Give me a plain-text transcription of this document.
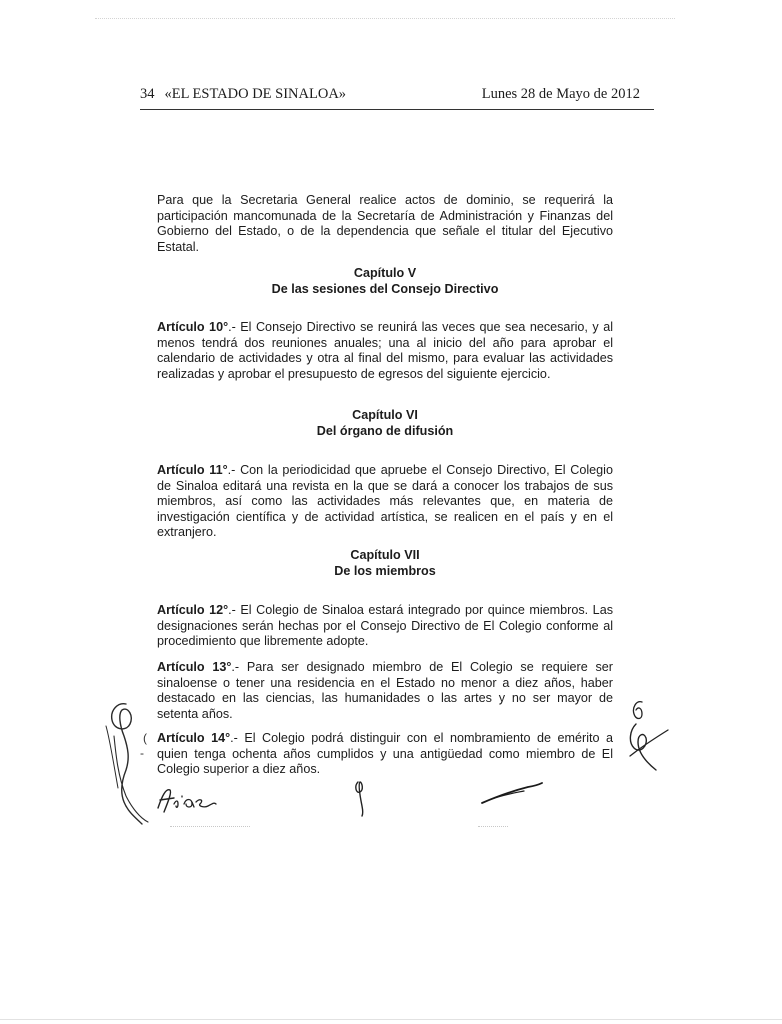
34 «EL ESTADO DE SINALOA»	Lunes 28 de Mayo de 2012

Para que la Secretaria General realice actos de dominio, se requerirá la participación mancomunada de la Secretaría de Administración y Finanzas del Gobierno del Estado, o de la dependencia que señale el titular del Ejecutivo Estatal.

Capítulo V
De las sesiones del Consejo Directivo

Artículo 10°.- El Consejo Directivo se reunirá las veces que sea necesario, y al menos tendrá dos reuniones anuales; una al inicio del año para aprobar el calendario de actividades y otra al final del mismo, para evaluar las actividades realizadas y aprobar el presupuesto de egresos del siguiente ejercicio.

Capítulo VI
Del órgano de difusión

Artículo 11°.- Con la periodicidad que apruebe el Consejo Directivo, El Colegio de Sinaloa editará una revista en la que se dará a conocer los trabajos de sus miembros, así como las actividades más relevantes que, en materia de investigación científica y de actividad artística, se realicen en el país y en el extranjero.

Capítulo VII
De los miembros

Artículo 12°.- El Colegio de Sinaloa estará integrado por quince miembros. Las designaciones serán hechas por el Consejo Directivo de El Colegio conforme al procedimiento que libremente adopte.

Artículo 13°.- Para ser designado miembro de El Colegio se requiere ser sinaloense o tener una residencia en el Estado no menor a diez años, haber destacado en las ciencias, las humanidades o las artes y no ser mayor de setenta años.

Artículo 14°.- El Colegio podrá distinguir con el nombramiento de emérito a quien tenga ochenta años cumplidos y una antigüedad como miembro de El Colegio superior a diez años.

(
-
